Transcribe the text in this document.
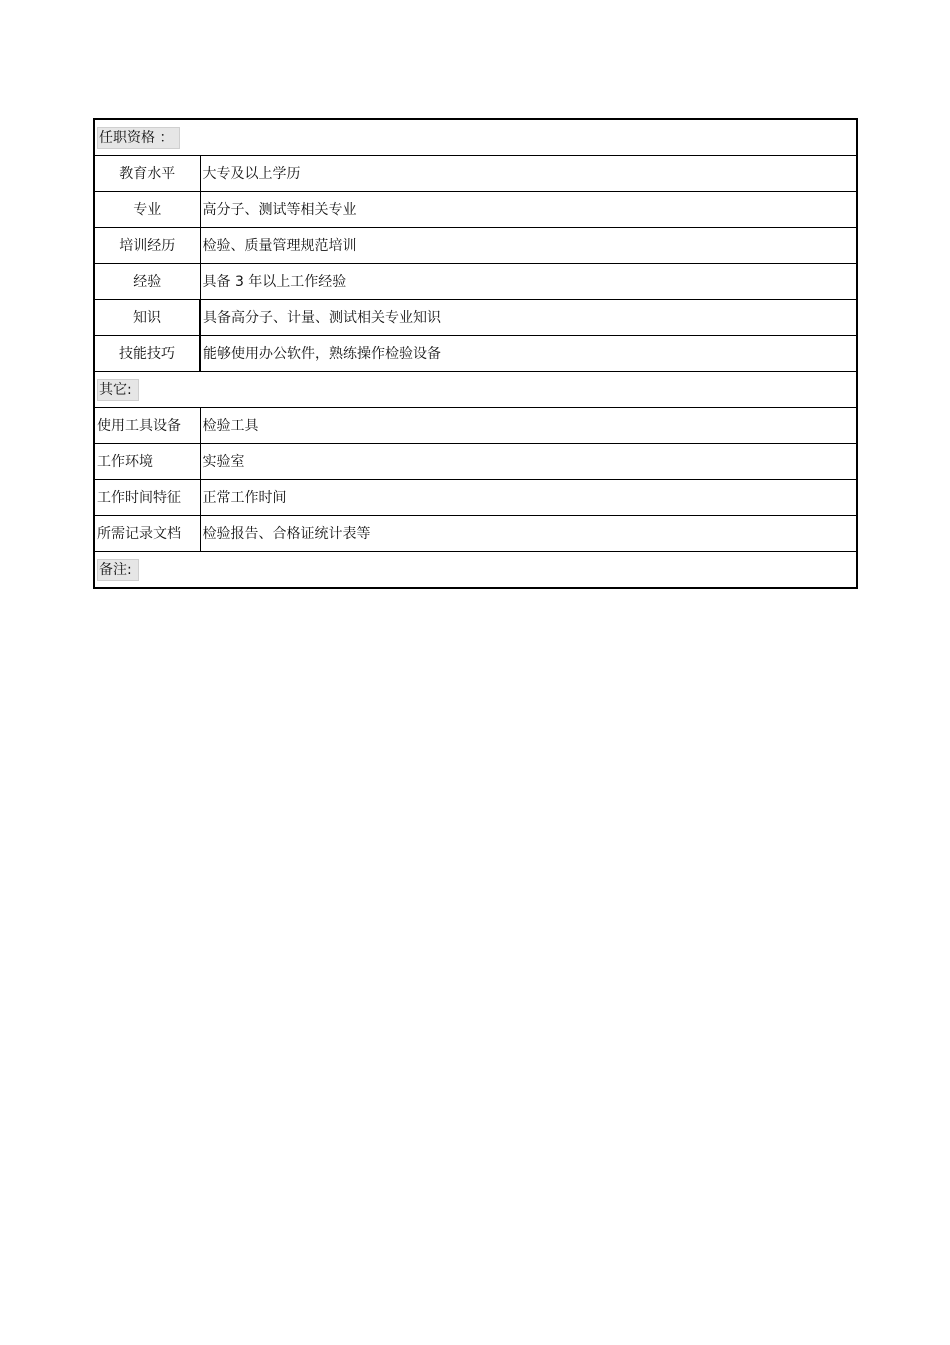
任职资格 ：	
教育水平	大专及以上学历
专业	高分子、测试等相关专业
培训经历	检验、质量管理规范培训
经验	具备 3 年以上工作经验
知识	具备高分子、计量、测试相关专业知识
技能技巧	能够使用办公软件，熟练操作检验设备
其它:	
使用工具设备	检验工具
工作环境	实验室
工作时间特征	正常工作时间
所需记录文档	检验报告、合格证统计表等
备注:	
